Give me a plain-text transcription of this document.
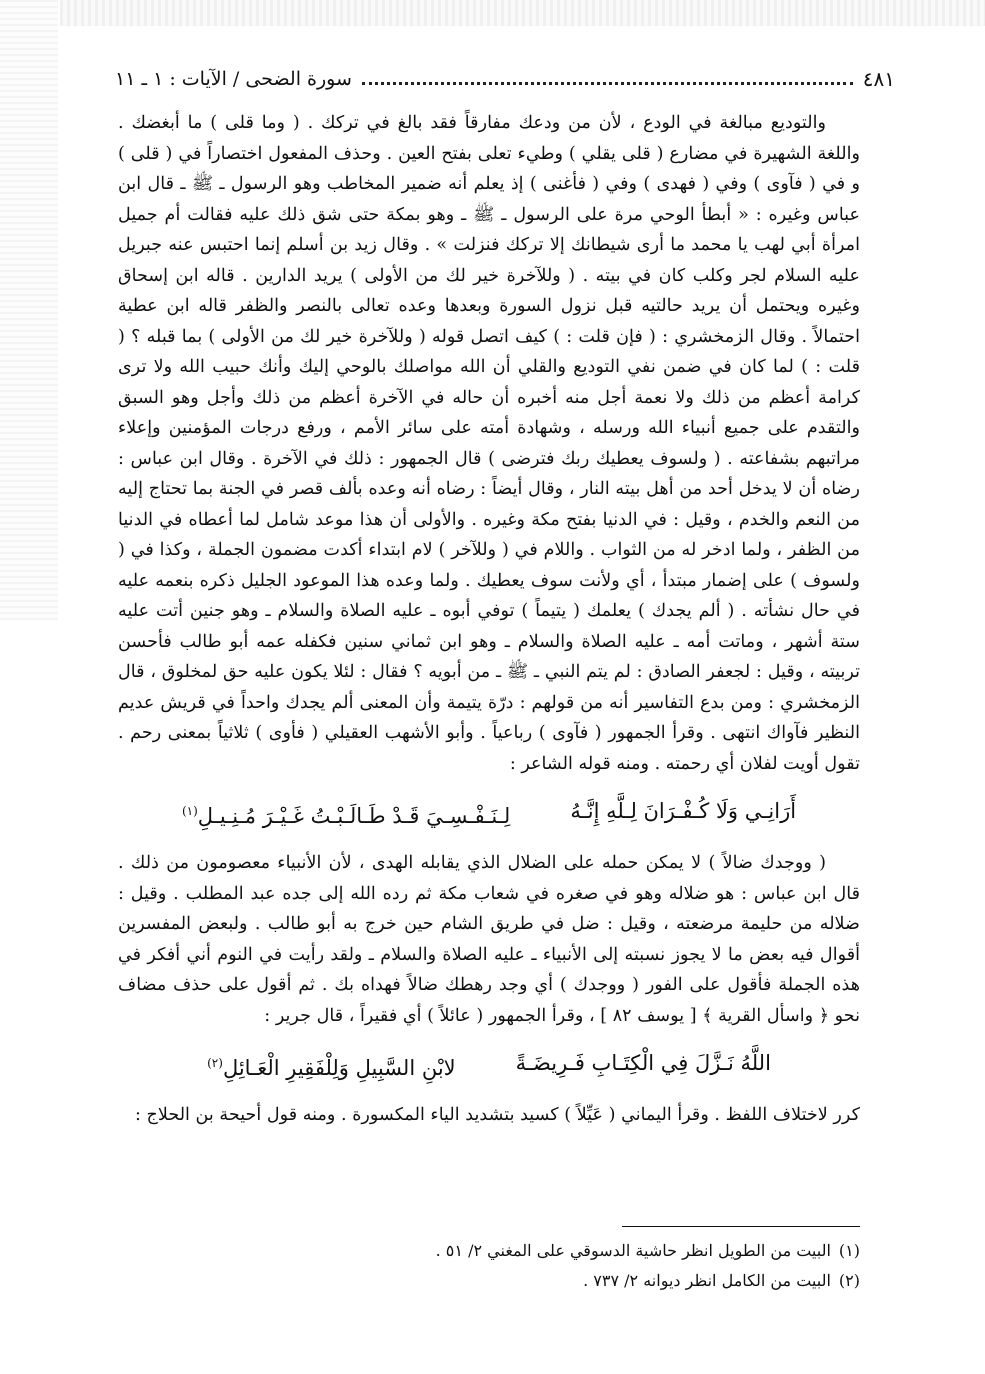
سورة الضحى / الآيات : ١ ـ ١١	٤٨١

والتوديع مبالغة في الودع ، لأن من ودعك مفارقاً فقد بالغ في تركك . ( وما قلى ) ما أبغضك . واللغة الشهيرة في مضارع ( قلى يقلي ) وطيء تعلى بفتح العين . وحذف المفعول اختصاراً في ( قلى ) و في ( فآوى ) وفي ( فهدى ) وفي ( فأغنى ) إذ يعلم أنه ضمير المخاطب وهو الرسول ـ ﷺ ـ قال ابن عباس وغيره : « أبطأ الوحي مرة على الرسول ـ ﷺ ـ وهو بمكة حتى شق ذلك عليه فقالت أم جميل امرأة أبي لهب يا محمد ما أرى شيطانك إلا تركك فنزلت » . وقال زيد بن أسلم إنما احتبس عنه جبريل عليه السلام لجر وكلب كان في بيته . ( وللآخرة خير لك من الأولى ) يريد الدارين . قاله ابن إسحاق وغيره ويحتمل أن يريد حالتيه قبل نزول السورة وبعدها وعده تعالى بالنصر والظفر قاله ابن عطية احتمالاً . وقال الزمخشري : ( فإن قلت : ) كيف اتصل قوله ( وللآخرة خير لك من الأولى ) بما قبله ؟ ( قلت : ) لما كان في ضمن نفي التوديع والقلي أن الله مواصلك بالوحي إليك وأنك حبيب الله ولا ترى كرامة أعظم من ذلك ولا نعمة أجل منه أخبره أن حاله في الآخرة أعظم من ذلك وأجل وهو السبق والتقدم على جميع أنبياء الله ورسله ، وشهادة أمته على سائر الأمم ، ورفع درجات المؤمنين وإعلاء مراتبهم بشفاعته . ( ولسوف يعطيك ربك فترضى ) قال الجمهور : ذلك في الآخرة . وقال ابن عباس : رضاه أن لا يدخل أحد من أهل بيته النار ، وقال أيضاً : رضاه أنه وعده بألف قصر في الجنة بما تحتاج إليه من النعم والخدم ، وقيل : في الدنيا بفتح مكة وغيره . والأولى أن هذا موعد شامل لما أعطاه في الدنيا من الظفر ، ولما ادخر له من الثواب . واللام في ( وللآخر ) لام ابتداء أكدت مضمون الجملة ، وكذا في ( ولسوف ) على إضمار مبتدأ ، أي ولأنت سوف يعطيك . ولما وعده هذا الموعود الجليل ذكره بنعمه عليه في حال نشأته . ( ألم يجدك ) يعلمك ( يتيماً ) توفي أبوه ـ عليه الصلاة والسلام ـ وهو جنين أتت عليه ستة أشهر ، وماتت أمه ـ عليه الصلاة والسلام ـ وهو ابن ثماني سنين فكفله عمه أبو طالب فأحسن تربيته ، وقيل : لجعفر الصادق : لم يتم النبي ـ ﷺ ـ من أبويه ؟ فقال : لئلا يكون عليه حق لمخلوق ، قال الزمخشري : ومن بدع التفاسير أنه من قولهم : درّة يتيمة وأن المعنى ألم يجدك واحداً في قريش عديم النظير فآواك انتهى . وقرأ الجمهور ( فآوى ) رباعياً . وأبو الأشهب العقيلي ( فأوى ) ثلاثياً بمعنى رحم . تقول أويت لفلان أي رحمته . ومنه قوله الشاعر :

أَرَانِـي وَلَا كُـفْـرَانَ لِـلَّهِ إِنَّـهُ
لِـنَـفْـسِـيَ قَـدْ طَـالَـبْـتُ غَـيْـرَ مُـنِـيـلِ$^{(١)}$

( ووجدك ضالاً ) لا يمكن حمله على الضلال الذي يقابله الهدى ، لأن الأنبياء معصومون من ذلك . قال ابن عباس : هو ضلاله وهو في صغره في شعاب مكة ثم رده الله إلى جده عبد المطلب . وقيل : ضلاله من حليمة مرضعته ، وقيل : ضل في طريق الشام حين خرج به أبو طالب . ولبعض المفسرين أقوال فيه بعض ما لا يجوز نسبته إلى الأنبياء ـ عليه الصلاة والسلام ـ ولقد رأيت في النوم أني أفكر في هذه الجملة فأقول على الفور ( ووجدك ) أي وجد رهطك ضالاً فهداه بك . ثم أقول على حذف مضاف نحو ﴿ واسأل القرية ﴾ [ يوسف ٨٢ ] ، وقرأ الجمهور ( عائلاً ) أي فقيراً ، قال جرير :

اللَّهُ نَـزَّلَ فِي الْكِتَـابِ فَـرِيضَـةً
لابْنِ السَّبِيلِ وَلِلْفَقِيرِ الْعَـائِلِ$^{(٢)}$

كرر لاختلاف اللفظ . وقرأ اليماني ( عَيِّلاً ) كسيد بتشديد الياء المكسورة . ومنه قول أحيحة بن الحلاج :

(١)
البيت من الطويل انظر حاشية الدسوقي على المغني ٢/ ٥١ .
(٢)
البيت من الكامل انظر ديوانه ٢/ ٧٣٧ .
